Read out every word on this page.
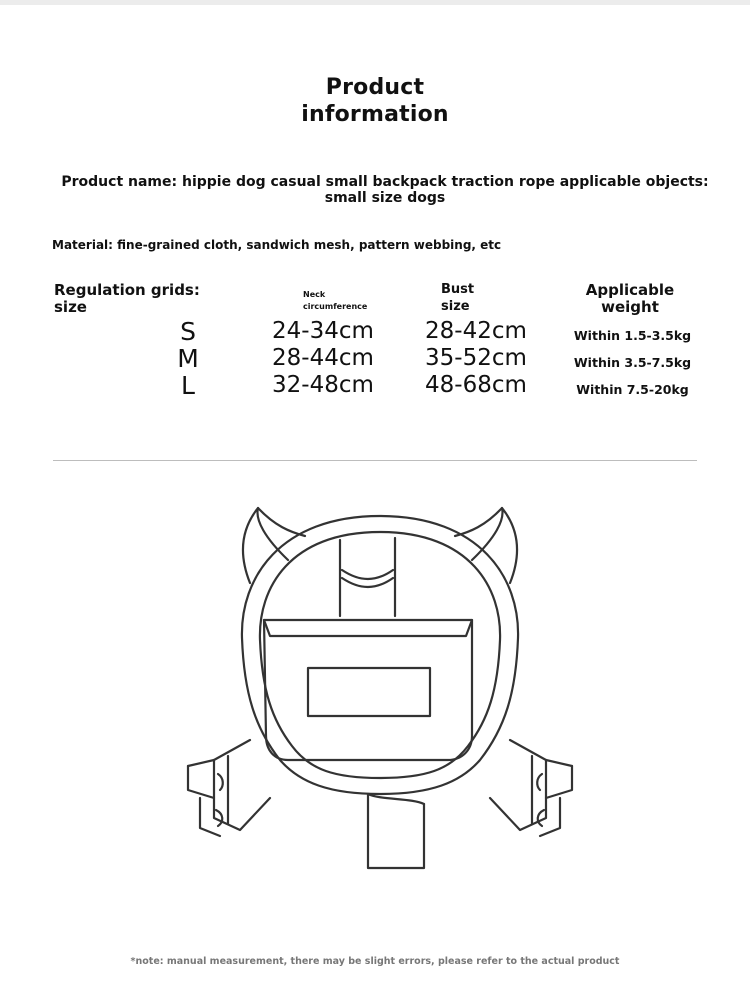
Product
information
Product name: hippie dog casual small backpack traction rope applicable objects: small size dogs
Material: fine-grained cloth, sandwich mesh, pattern webbing, etc
Regulation grids:
size
Neck
circumference
Bust
size
Applicable
weight
S
M
L
24-34cm
28-44cm
32-48cm
28-42cm
35-52cm
48-68cm
Within 1.5-3.5kg
Within 3.5-7.5kg
Within 7.5-20kg
*note: manual measurement, there may be slight errors, please refer to the actual product
